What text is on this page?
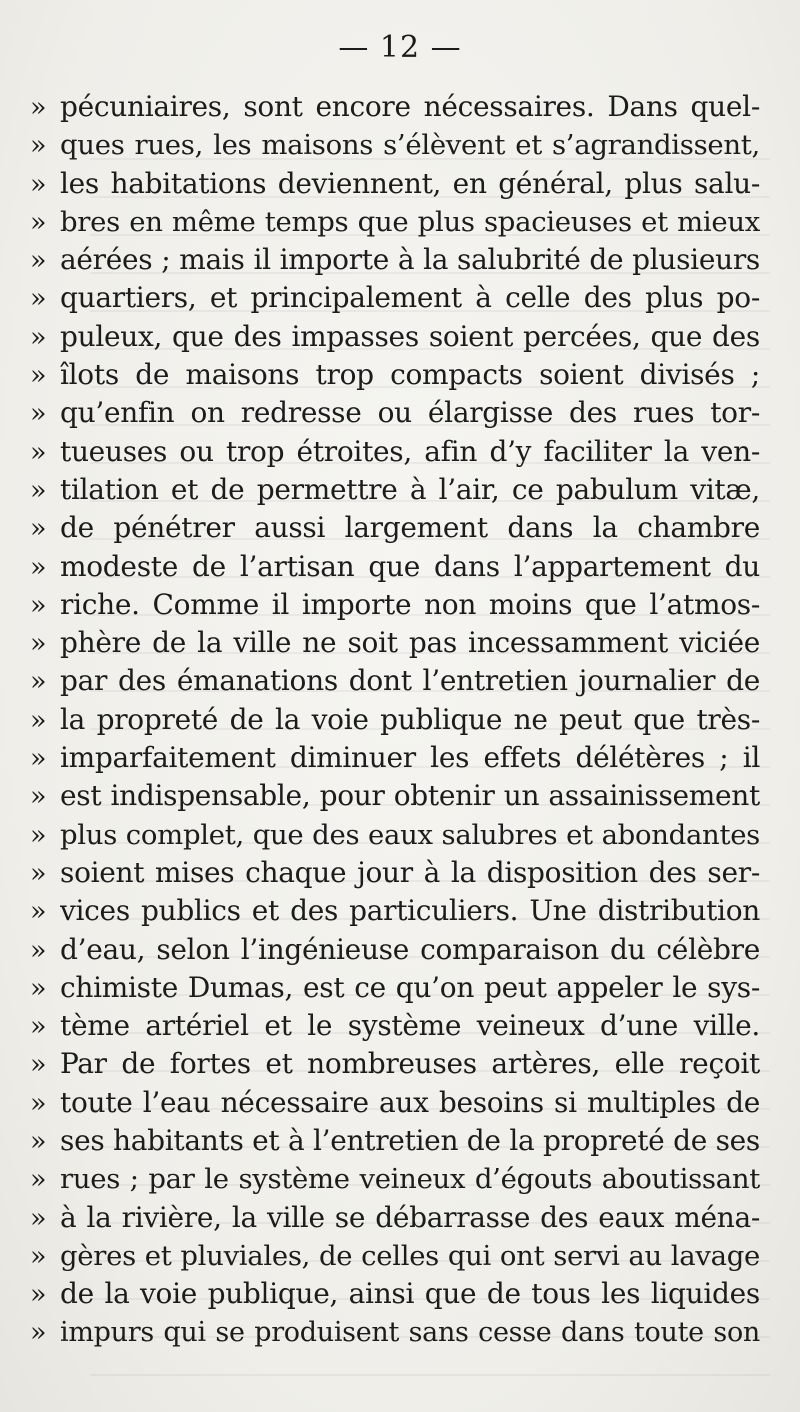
— 12 —
» pécuniaires, sont encore nécessaires. Dans quel-
» ques rues, les maisons s’élèvent et s’agrandissent,
» les habitations deviennent, en général, plus salu-
» bres en même temps que plus spacieuses et mieux
» aérées ; mais il importe à la salubrité de plusieurs
» quartiers, et principalement à celle des plus po-
» puleux, que des impasses soient percées, que des
» îlots de maisons trop compacts soient divisés ;
» qu’enfin on redresse ou élargisse des rues tor-
» tueuses ou trop étroites, afin d’y faciliter la ven-
» tilation et de permettre à l’air, ce pabulum vitæ,
» de pénétrer aussi largement dans la chambre
» modeste de l’artisan que dans l’appartement du
» riche. Comme il importe non moins que l’atmos-
» phère de la ville ne soit pas incessamment viciée
» par des émanations dont l’entretien journalier de
» la propreté de la voie publique ne peut que très-
» imparfaitement diminuer les effets délétères ; il
» est indispensable, pour obtenir un assainissement
» plus complet, que des eaux salubres et abondantes
» soient mises chaque jour à la disposition des ser-
» vices publics et des particuliers. Une distribution
» d’eau, selon l’ingénieuse comparaison du célèbre
» chimiste Dumas, est ce qu’on peut appeler le sys-
» tème artériel et le système veineux d’une ville.
» Par de fortes et nombreuses artères, elle reçoit
» toute l’eau nécessaire aux besoins si multiples de
» ses habitants et à l’entretien de la propreté de ses
» rues ; par le système veineux d’égouts aboutissant
» à la rivière, la ville se débarrasse des eaux ména-
» gères et pluviales, de celles qui ont servi au lavage
» de la voie publique, ainsi que de tous les liquides
» impurs qui se produisent sans cesse dans toute son
